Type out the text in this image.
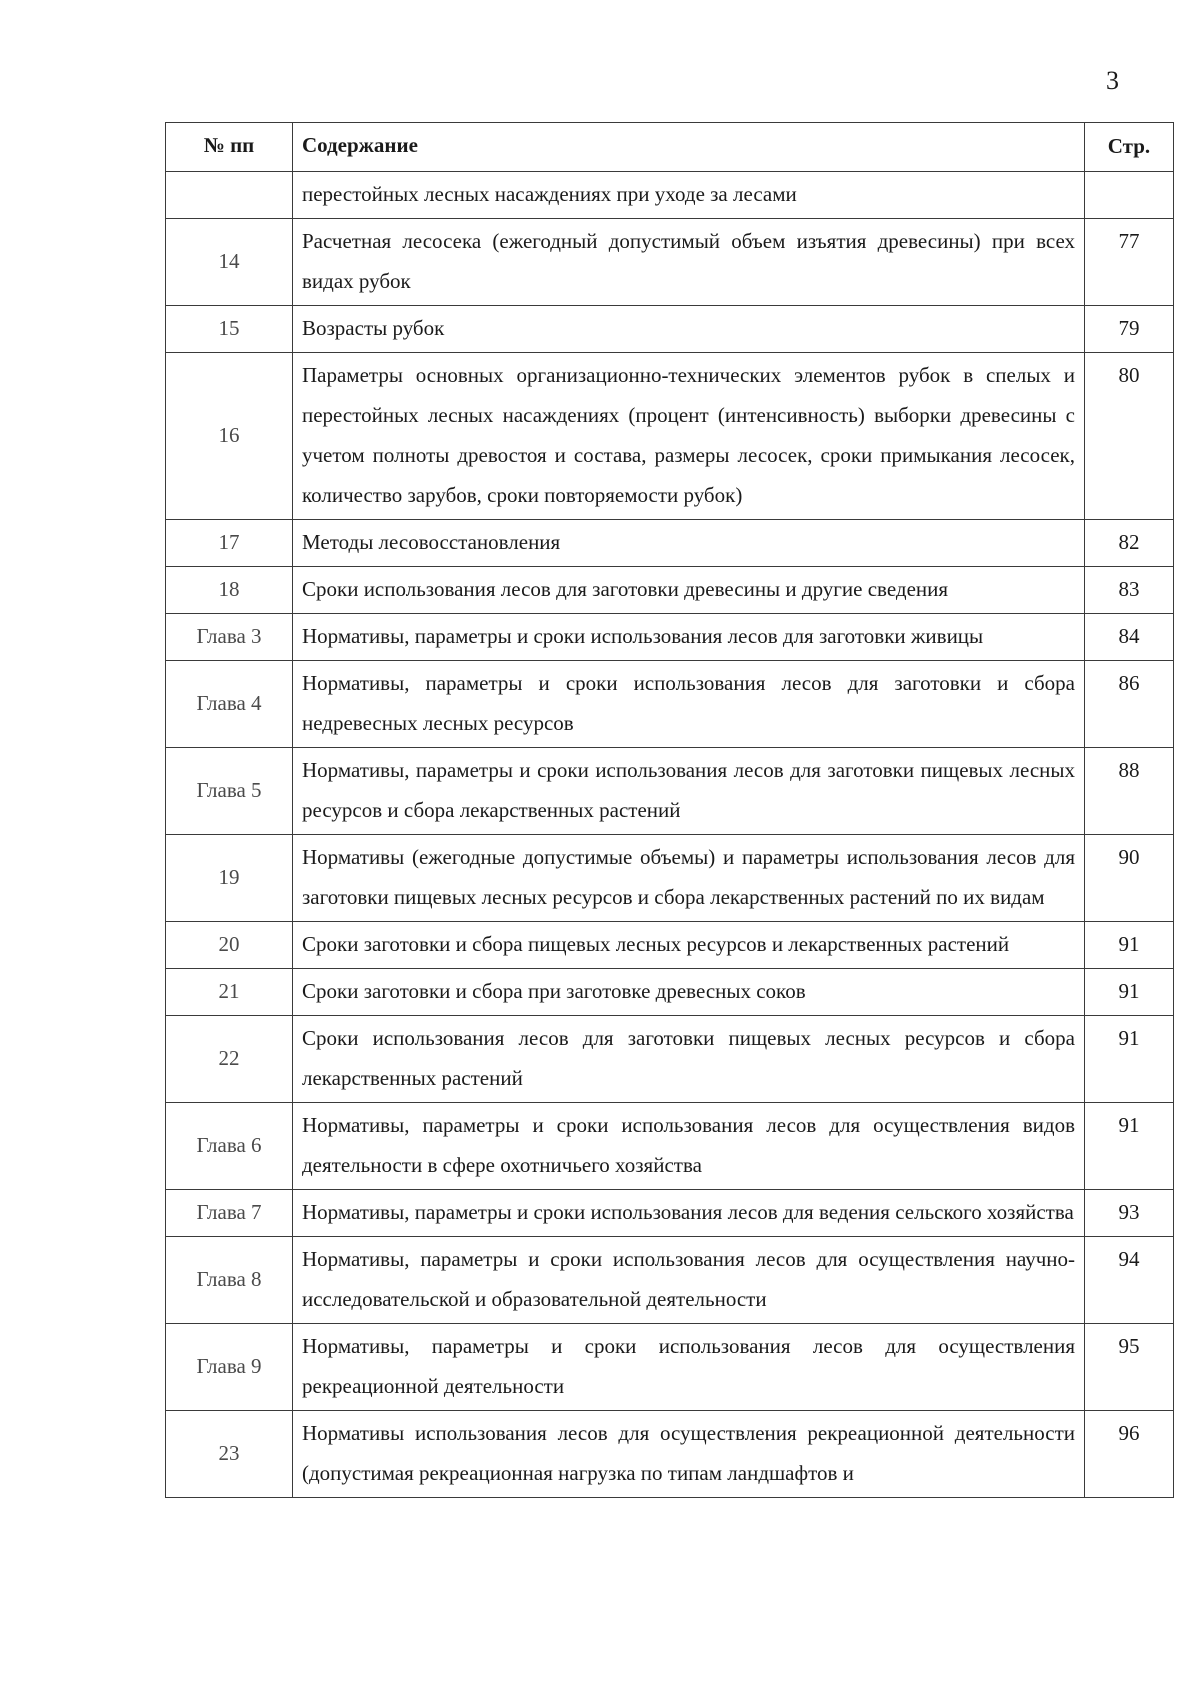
3
№ пп	Содержание	Стр.
	перестойных лесных насаждениях при уходе за лесами	
14	Расчетная лесосека (ежегодный допустимый объем изъятия древесины) при всех видах рубок	77
15	Возрасты рубок	79
16	Параметры основных организационно-технических элементов рубок в спелых и перестойных лесных насаждениях (процент (интенсивность) выборки древесины с учетом полноты древостоя и состава, размеры лесосек, сроки примыкания лесосек, количество зарубов, сроки повторяемости рубок)	80
17	Методы лесовосстановления	82
18	Сроки использования лесов для заготовки древесины и другие сведения	83
Глава 3	Нормативы, параметры и сроки использования лесов для заготовки живицы	84
Глава 4	Нормативы, параметры и сроки использования лесов для заготовки и сбора недревесных лесных ресурсов	86
Глава 5	Нормативы, параметры и сроки использования лесов для заготовки пищевых лесных ресурсов и сбора лекарственных растений	88
19	Нормативы (ежегодные допустимые объемы) и параметры использования лесов для заготовки пищевых лесных ресурсов и сбора лекарственных растений по их видам	90
20	Сроки заготовки и сбора пищевых лесных ресурсов и лекарственных растений	91
21	Сроки заготовки и сбора при заготовке древесных соков	91
22	Сроки использования лесов для заготовки пищевых лесных ресурсов и сбора лекарственных растений	91
Глава 6	Нормативы, параметры и сроки использования лесов для осуществления видов деятельности в сфере охотничьего хозяйства	91
Глава 7	Нормативы, параметры и сроки использования лесов для ведения сельского хозяйства	93
Глава 8	Нормативы, параметры и сроки использования лесов для осуществления научно-исследовательской и образовательной деятельности	94
Глава 9	Нормативы, параметры и сроки использования лесов для осуществления рекреационной деятельности	95
23	Нормативы использования лесов для осуществления рекреационной деятельности (допустимая рекреационная нагрузка по типам ландшафтов и	96
